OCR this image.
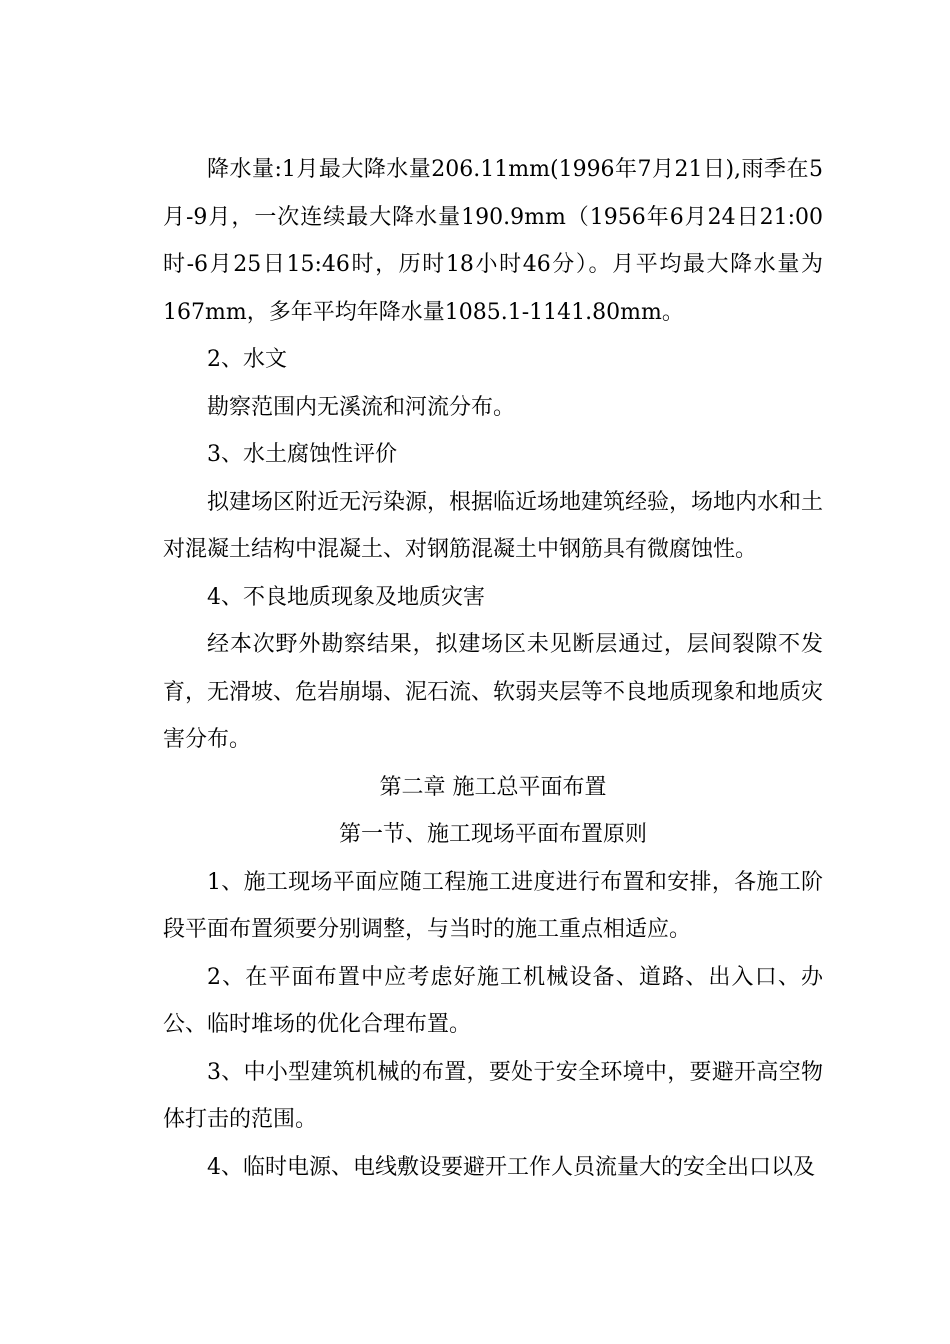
降水量:1月最大降水量206.11mm(1996年7月21日),雨季在5月-9月，一次连续最大降水量190.9mm（1956年6月24日21:00时-6月25日15:46时，历时18小时46分）。月平均最大降水量为167mm，多年平均年降水量1085.1-1141.80mm。

2、水文

勘察范围内无溪流和河流分布。

3、水土腐蚀性评价

拟建场区附近无污染源，根据临近场地建筑经验，场地内水和土对混凝土结构中混凝土、对钢筋混凝土中钢筋具有微腐蚀性。

4、不良地质现象及地质灾害

经本次野外勘察结果，拟建场区未见断层通过，层间裂隙不发育，无滑坡、危岩崩塌、泥石流、软弱夹层等不良地质现象和地质灾害分布。

第二章 施工总平面布置
第一节、施工现场平面布置原则

1、施工现场平面应随工程施工进度进行布置和安排，各施工阶段平面布置须要分别调整，与当时的施工重点相适应。

2、在平面布置中应考虑好施工机械设备、道路、出入口、办公、临时堆场的优化合理布置。

3、中小型建筑机械的布置，要处于安全环境中，要避开高空物体打击的范围。

4、临时电源、电线敷设要避开工作人员流量大的安全出口以及
